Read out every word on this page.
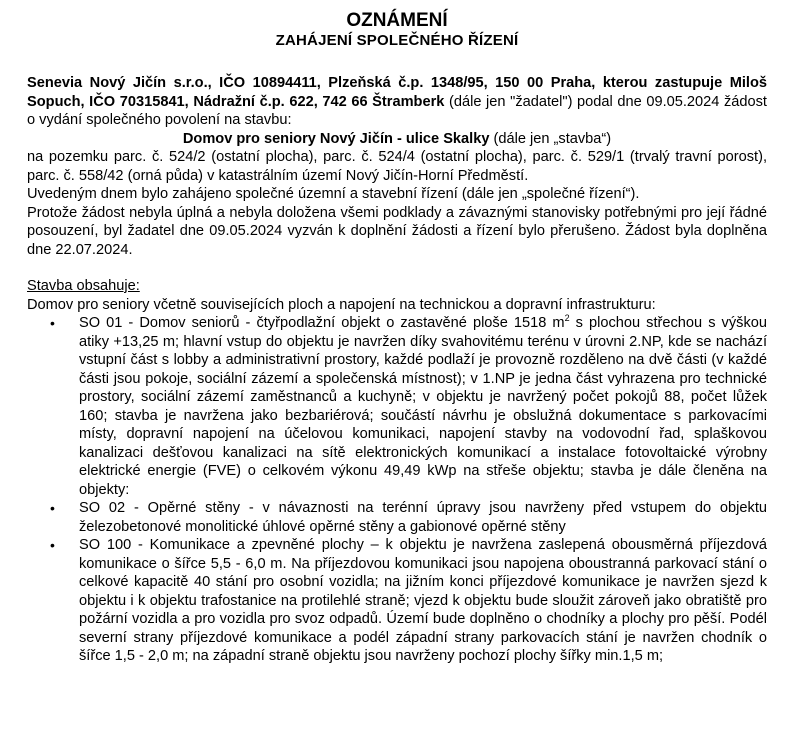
OZNÁMENÍ
ZAHÁJENÍ SPOLEČNÉHO ŘÍZENÍ

Senevia Nový Jičín s.r.o., IČO 10894411, Plzeňská č.p. 1348/95, 150 00 Praha, kterou zastupuje Miloš Sopuch, IČO 70315841, Nádražní č.p. 622, 742 66 Štramberk (dále jen "žadatel") podal dne 09.05.2024 žádost o vydání společného povolení na stavbu:

Domov pro seniory Nový Jičín - ulice Skalky (dále jen „stavba“)

na pozemku parc. č. 524/2 (ostatní plocha), parc. č. 524/4 (ostatní plocha), parc. č. 529/1 (trvalý travní porost), parc. č. 558/42 (orná půda) v katastrálním území Nový Jičín-Horní Předměstí.

Uvedeným dnem bylo zahájeno společné územní a stavební řízení (dále jen „společné řízení“).

Protože žádost nebyla úplná a nebyla doložena všemi podklady a závaznými stanovisky potřebnými pro její řádné posouzení, byl žadatel dne 09.05.2024 vyzván k doplnění žádosti a řízení bylo přerušeno. Žádost byla doplněna dne 22.07.2024.

Stavba obsahuje:

Domov pro seniory včetně souvisejících ploch a napojení na technickou a dopravní infrastrukturu:

• SO 01 - Domov seniorů - čtyřpodlažní objekt o zastavěné ploše 1518 $m^2$ s plochou střechou s výškou atiky +13,25 m; hlavní vstup do objektu je navržen díky svahovitému terénu v úrovni 2.NP, kde se nachází vstupní část s lobby a administrativní prostory, každé podlaží je provozně rozděleno na dvě části (v každé části jsou pokoje, sociální zázemí a společenská místnost); v 1.NP je jedna část vyhrazena pro technické prostory, sociální zázemí zaměstnanců a kuchyně; v objektu je navržený počet pokojů 88, počet lůžek 160; stavba je navržena jako bezbariérová; součástí návrhu je obslužná dokumentace s parkovacími místy, dopravní napojení na účelovou komunikaci, napojení stavby na vodovodní řad, splaškovou kanalizaci dešťovou kanalizaci na sítě elektronických komunikací a instalace fotovoltaické výrobny elektrické energie (FVE) o celkovém výkonu 49,49 kWp na střeše objektu; stavba je dále členěna na objekty:
• SO 02 - Opěrné stěny - v návaznosti na terénní úpravy jsou navrženy před vstupem do objektu železobetonové monolitické úhlové opěrné stěny a gabionové opěrné stěny
• SO 100 - Komunikace a zpevněné plochy – k objektu je navržena zaslepená obousměrná příjezdová komunikace o šířce 5,5 - 6,0 m. Na příjezdovou komunikaci jsou napojena oboustranná parkovací stání o celkové kapacitě 40 stání pro osobní vozidla; na jižním konci příjezdové komunikace je navržen sjezd k objektu i k objektu trafostanice na protilehlé straně; vjezd k objektu bude sloužit zároveň jako obratiště pro požární vozidla a pro vozidla pro svoz odpadů. Území bude doplněno o chodníky a plochy pro pěší. Podél severní strany příjezdové komunikace a podél západní strany parkovacích stání je navržen chodník o šířce 1,5 - 2,0 m; na západní straně objektu jsou navrženy pochozí plochy šířky min.1,5 m;
